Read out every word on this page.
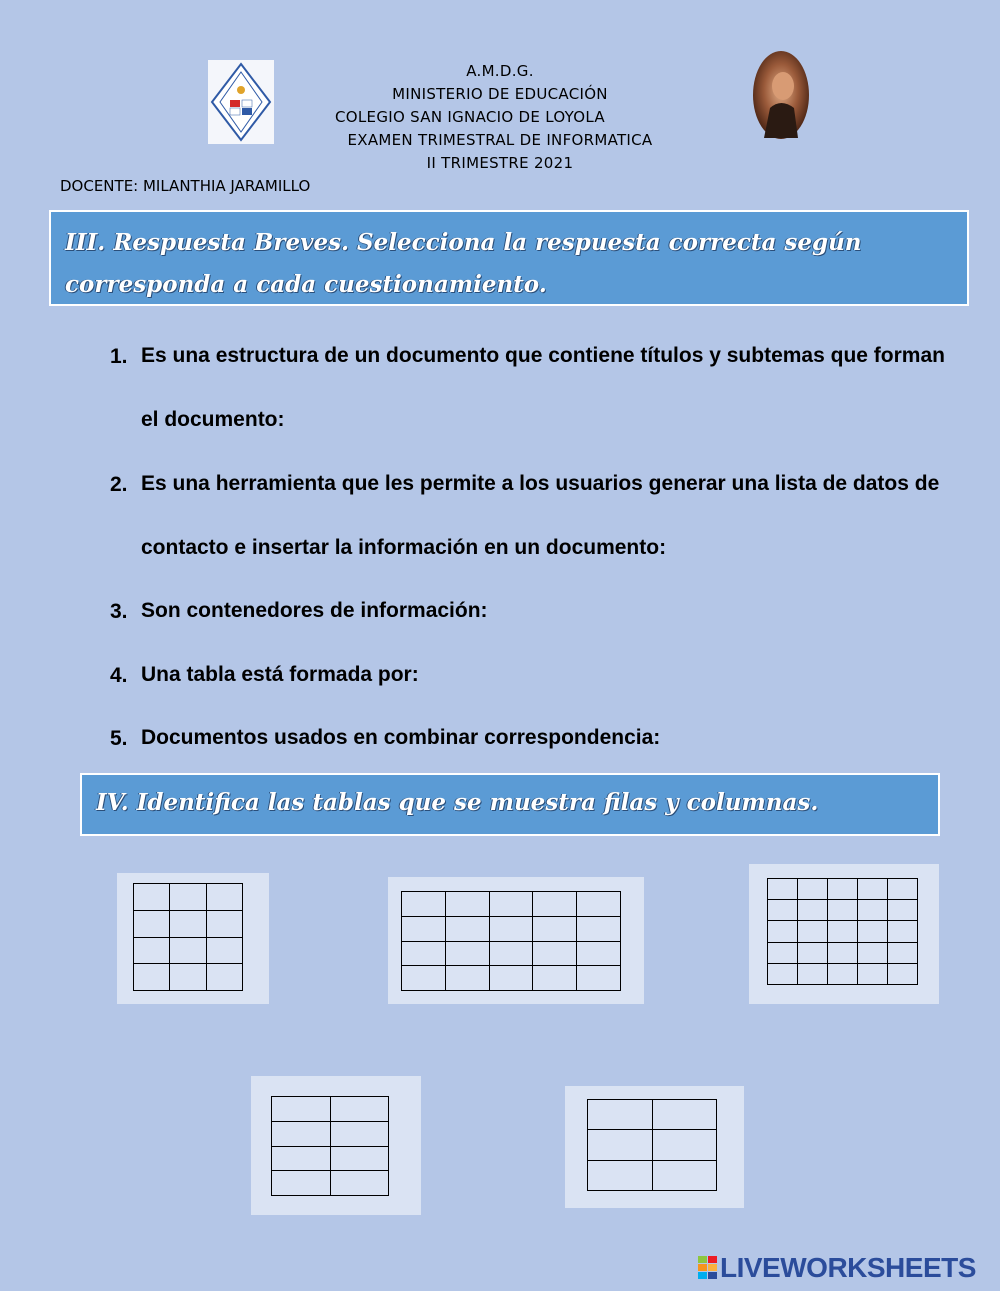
A.M.D.G.
MINISTERIO DE EDUCACIÓN
COLEGIO SAN IGNACIO DE LOYOLA
EXAMEN TRIMESTRAL DE INFORMATICA
II TRIMESTRE 2021
DOCENTE: MILANTHIA JARAMILLO
III. Respuesta Breves. Selecciona la respuesta correcta según corresponda a cada cuestionamiento.
1. Es una estructura de un documento que contiene títulos y subtemas que forman el documento:
2. Es una herramienta que les permite a los usuarios generar una lista de datos de contacto e insertar la información en un documento:
3. Son contenedores de información:
4. Una tabla está formada por:
5. Documentos usados en combinar correspondencia:
IV. Identifica las tablas que se muestra filas y columnas.

LIVEWORKSHEETS
